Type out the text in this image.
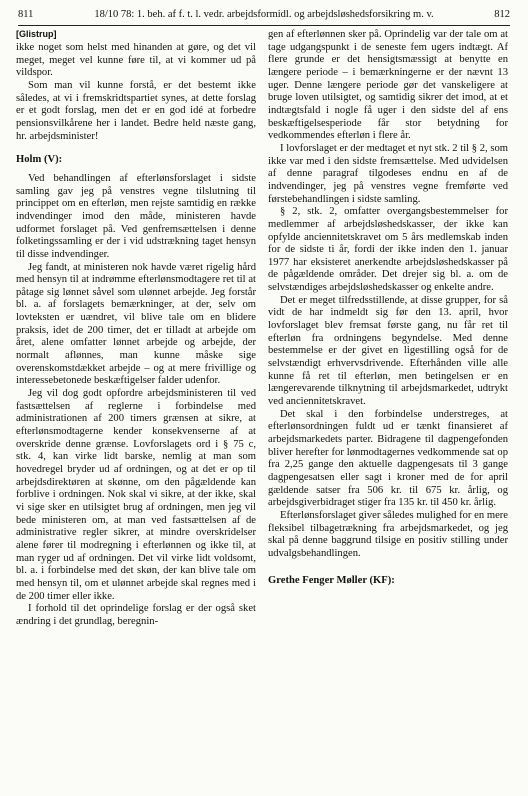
811	18/10 78: 1. beh. af f. t. l. vedr. arbejdsformidl. og arbejdsløshedsforsikring m. v.	812
[Glistrup]

ikke noget som helst med hinanden at gøre, og det vil meget, meget vel kunne føre til, at vi kommer ud på vildspor.

Som man vil kunne forstå, er det bestemt ikke således, at vi i fremskridtspartiet synes, at dette forslag er et godt forslag, men det er en god idé at forbedre pensionsvilkårene her i landet. Bedre held næste gang, hr. arbejdsminister!

Holm (V):

Ved behandlingen af efterlønsforslaget i sidste samling gav jeg på venstres vegne tilslutning til princippet om en efterløn, men rejste samtidig en række indvendinger imod den måde, ministeren havde udformet forslaget på. Ved genfremsættelsen i denne folketingssamling er der i vid udstrækning taget hensyn til disse indvendinger.

Jeg fandt, at ministeren nok havde været rigelig hård med hensyn til at indrømme efterlønsmodtagere ret til at påtage sig lønnet såvel som ulønnet arbejde. Jeg forstår bl. a. af forslagets bemærkninger, at der, selv om lovteksten er uændret, vil blive tale om en blidere praksis, idet de 200 timer, det er tilladt at arbejde om året, alene omfatter lønnet arbejde og arbejde, der normalt aflønnes, man kunne måske sige overenskomstdækket arbejde – og at mere frivillige og interessebetonede beskæftigelser falder udenfor.

Jeg vil dog godt opfordre arbejdsministeren til ved fastsættelsen af reglerne i forbindelse med administrationen af 200 timers grænsen at sikre, at efterlønsmodtagerne kender konsekvenserne af at overskride denne grænse. Lovforslagets ord i § 75 c, stk. 4, kan virke lidt barske, nemlig at man som hovedregel bryder ud af ordningen, og at det er op til arbejdsdirektøren at skønne, om den pågældende kan forblive i ordningen. Nok skal vi sikre, at der ikke, skal vi sige sker en utilsigtet brug af ordningen, men jeg vil bede ministeren om, at man ved fastsættelsen af de administrative regler sikrer, at mindre overskridelser alene fører til modregning i efterlønnen og ikke til, at man ryger ud af ordningen. Det vil virke lidt voldsomt, bl. a. i forbindelse med det skøn, der kan blive tale om med hensyn til, om et ulønnet arbejde skal regnes med i de 200 timer eller ikke.

I forhold til det oprindelige forslag er der også sket ændring i det grundlag, beregnin-

gen af efterlønnen sker på. Oprindelig var der tale om at tage udgangspunkt i de seneste fem ugers indtægt. Af flere grunde er det hensigtsmæssigt at benytte en længere periode – i bemærkningerne er der nævnt 13 uger. Denne længere periode gør det vanskeligere at bruge loven utilsigtet, og samtidig sikrer det imod, at et indtægtsfald i nogle få uger i den sidste del af ens beskæftigelsesperiode får stor betydning for vedkommendes efterløn i flere år.

I lovforslaget er der medtaget et nyt stk. 2 til § 2, som ikke var med i den sidste fremsættelse. Med udvidelsen af denne paragraf tilgodeses endnu en af de indvendinger, jeg på venstres vegne fremførte ved førstebehandlingen i sidste samling.

§ 2, stk. 2, omfatter overgangsbestemmelser for medlemmer af arbejdsløshedskasser, der ikke kan opfylde anciennitetskravet om 5 års medlemskab inden for de sidste ti år, fordi der ikke inden den 1. januar 1977 har eksisteret anerkendte arbejdsløshedskasser på de pågældende områder. Det drejer sig bl. a. om de selvstændiges arbejdsløshedskasser og enkelte andre.

Det er meget tilfredsstillende, at disse grupper, for så vidt de har indmeldt sig før den 13. april, hvor lovforslaget blev fremsat første gang, nu får ret til efterløn fra ordningens begyndelse. Med denne bestemmelse er der givet en ligestilling også for de selvstændigt erhvervsdrivende. Efterhånden ville alle kunne få ret til efterløn, men betingelsen er en længerevarende tilknytning til arbejdsmarkedet, udtrykt ved anciennitetskravet.

Det skal i den forbindelse understreges, at efterlønsordningen fuldt ud er tænkt finansieret af arbejdsmarkedets parter. Bidragene til dagpengefonden bliver herefter for lønmodtagernes vedkommende sat op fra 2,25 gange den aktuelle dagpengesats til 3 gange dagpengesatsen eller sagt i kroner med de for april gældende satser fra 506 kr. til 675 kr. årlig, og arbejdsgiverbidraget stiger fra 135 kr. til 450 kr. årlig.

Efterlønsforslaget giver således mulighed for en mere fleksibel tilbagetrækning fra arbejdsmarkedet, og jeg skal på denne baggrund tilsige en positiv stilling under udvalgsbehandlingen.

Grethe Fenger Møller (KF):
